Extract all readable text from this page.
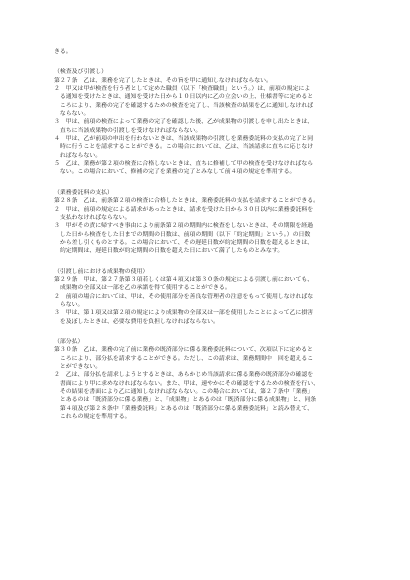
きる。
（検査及び引渡し）
第２７条　乙は、業務を完了したときは、その旨を甲に通知しなければならない。
２　甲又は甲が検査を行う者として定めた職員（以下「検査職員」という。）は、前項の規定によ
　る通知を受けたときは、通知を受けた日から１０日以内に乙の立会いの上、仕様書等に定めると
　ころにより、業務の完了を確認するための検査を完了し、当該検査の結果を乙に通知しなければ
　ならない。
３　甲は、前項の検査によって業務の完了を確認した後、乙が成果物の引渡しを申し出たときは、
　直ちに当該成果物の引渡しを受けなければならない。
４　甲は、乙が前項の申出を行わないときは、当該成果物の引渡しを業務委託料の支払の完了と同
　時に行うことを請求することができる。この場合においては、乙は、当該請求に直ちに応じなけ
　ればならない。
５　乙は、業務が第２項の検査に合格しないときは、直ちに修補して甲の検査を受けなければなら
　ない。この場合において、修補の完了を業務の完了とみなして前４項の規定を準用する。
（業務委託料の支払）
第２８条　乙は、前条第２項の検査に合格したときは、業務委託料の支払を請求することができる。
２　甲は、前項の規定による請求があったときは、請求を受けた日から３０日以内に業務委託料を
　支払わなければならない。
３　甲がその責に帰すべき事由により前条第２項の期間内に検査をしないときは、その期限を経過
　した日から検査をした日までの期間の日数は、前項の期間（以下「約定期間」という。）の日数
　から差し引くものとする。この場合において、その遅延日数が約定期間の日数を超えるときは、
　約定期間は、遅延日数が約定期間の日数を超えた日において満了したものとみなす。
（引渡し前における成果物の使用）
第２９条　甲は、第２７条第３項若しくは第４項又は第３０条の規定による引渡し前においても、
　成果物の全部又は一部を乙の承諾を得て使用することができる。
２　前項の場合においては、甲は、その使用部分を善良な管理者の注意をもって使用しなければな
　らない。
３　甲は、第１項又は第２項の規定により成果物の全部又は一部を使用したことによって乙に損害
　を及ぼしたときは、必要な費用を負担しなければならない。
（部分払）
第３０条　乙は、業務の完了前に業務の既済部分に係る業務委託料について、次項以下に定めると
　ころにより、部分払を請求することができる。ただし、この請求は、業務期間中　回を超えるこ
　とができない。
２　乙は、部分払を請求しようとするときは、あらかじめ当該請求に係る業務の既済部分の確認を
　書面により甲に求めなければならない。また、甲は、速やかにその確認をするための検査を行い、
　その結果を書面により乙に通知しなければならない。この場合においては、第２７条中「業務」
　とあるのは「既済部分に係る業務」と、「成果物」とあるのは「既済部分に係る成果物」と、同条
　第４項及び第２８条中「業務委託料」とあるのは「既済部分に係る業務委託料」と読み替えて、
　これらの規定を準用する。
